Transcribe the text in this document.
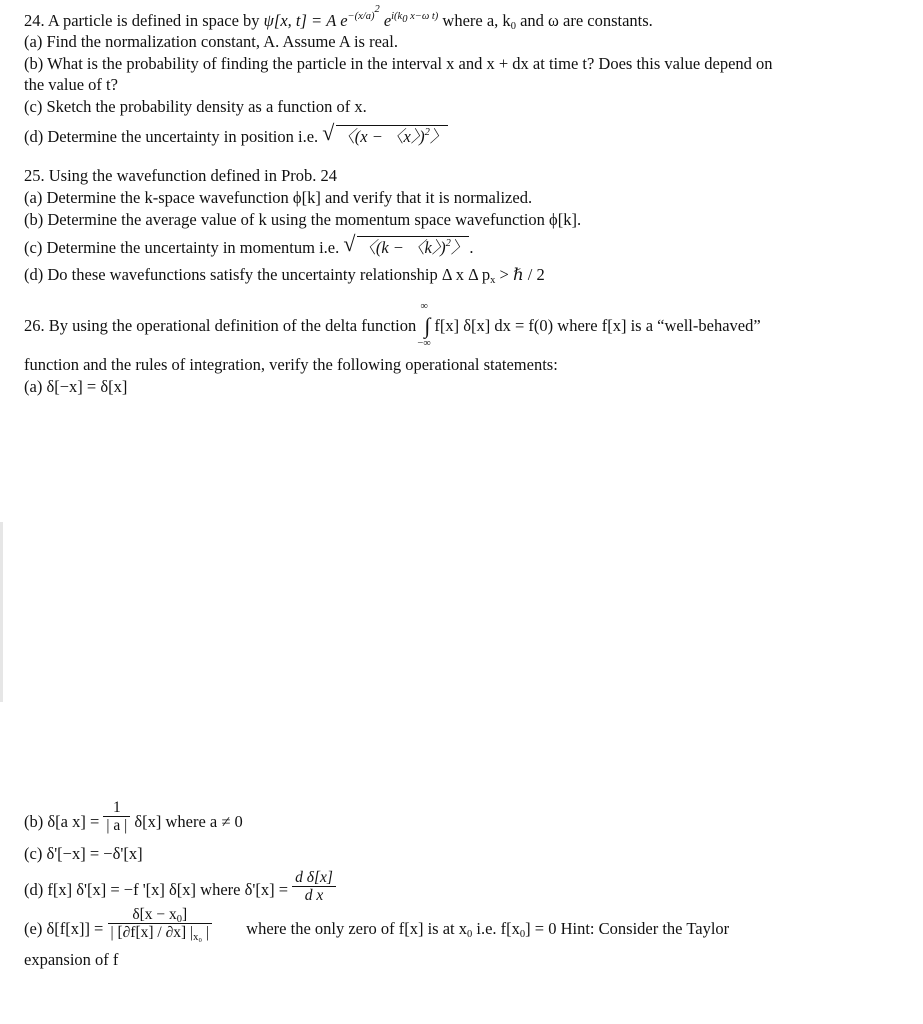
24. A particle is defined in space by ψ[x, t] = A $e^{-(x/a)^2}$ $e^{i(k_0 x-\omega t)}$ where a, $k_0$ and ω are constants.
(a) Find the normalization constant, A. Assume A is real.
(b) What is the probability of finding the particle in the interval x and x + dx at time t? Does this value depend on
the value of t?
(c) Sketch the probability density as a function of x.
(d) Determine the uncertainty in position i.e. √ 〈(x − 〈x〉)$^2$〉
25. Using the wavefunction defined in Prob. 24
(a) Determine the k-space wavefunction ϕ[k] and verify that it is normalized.
(b) Determine the average value of k using the momentum space wavefunction ϕ[k].
(c) Determine the uncertainty in momentum i.e. √ 〈(k − 〈k〉)$^2$〉 .
(d) Do these wavefunctions satisfy the uncertainty relationship Δ x Δ $p_x$ > ℏ / 2
26. By using the operational definition of the delta function
∞
∫
−∞
f[x] δ[x] dx = f(0) where f[x] is a “well-behaved”
function and the rules of integration, verify the following operational statements:
(a) δ[−x] = δ[x]
(b) δ[a $x] = \frac{1}{| a |} \delta[x]$ where a ≠ 0
(c) δ'[−x] = −δ'[x]
(d) f[x] δ'[x] = −f '[x] δ[x] where $\delta'[x] = \frac{\text{d δ[x]}}{\text{d x}}$
(e) $\delta[f[x]] = \frac{\delta[x - x_0]}{| [\partial f[x] / \partial x] |_{x_0} |}$ where the only zero of f[x] is at $x_0$ i.e. $f[x_0] = 0$ Hint: Consider the Taylor
expansion of f
